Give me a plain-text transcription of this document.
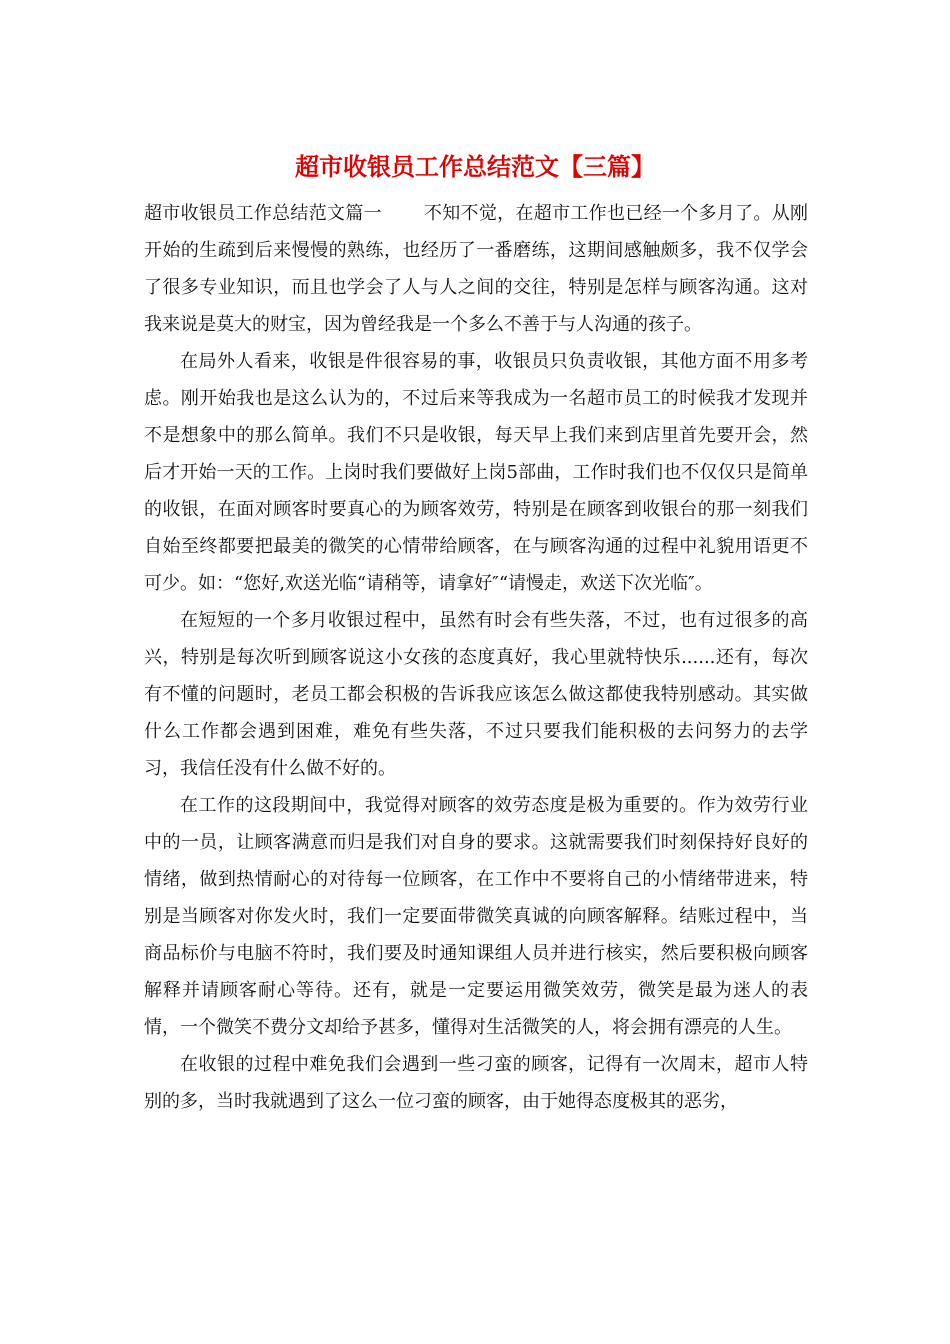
超市收银员工作总结范文【三篇】

超市收银员工作总结范文篇一 不知不觉，在超市工作也已经一个多月了。从刚开始的生疏到后来慢慢的熟练，也经历了一番磨练，这期间感触颇多，我不仅学会了很多专业知识，而且也学会了人与人之间的交往，特别是怎样与顾客沟通。这对我来说是莫大的财宝，因为曾经我是一个多么不善于与人沟通的孩子。

在局外人看来，收银是件很容易的事，收银员只负责收银，其他方面不用多考虑。刚开始我也是这么认为的，不过后来等我成为一名超市员工的时候我才发现并不是想象中的那么简单。我们不只是收银，每天早上我们来到店里首先要开会，然后才开始一天的工作。上岗时我们要做好上岗5部曲，工作时我们也不仅仅只是简单的收银，在面对顾客时要真心的为顾客效劳，特别是在顾客到收银台的那一刻我们自始至终都要把最美的微笑的心情带给顾客，在与顾客沟通的过程中礼貌用语更不可少。如：“您好,欢送光临“请稍等，请拿好″“请慢走，欢送下次光临″。

在短短的一个多月收银过程中，虽然有时会有些失落，不过，也有过很多的高兴，特别是每次听到顾客说这小女孩的态度真好，我心里就特快乐......还有，每次有不懂的问题时，老员工都会积极的告诉我应该怎么做这都使我特别感动。其实做什么工作都会遇到困难，难免有些失落，不过只要我们能积极的去问努力的去学习，我信任没有什么做不好的。

在工作的这段期间中，我觉得对顾客的效劳态度是极为重要的。作为效劳行业中的一员，让顾客满意而归是我们对自身的要求。这就需要我们时刻保持好良好的情绪，做到热情耐心的对待每一位顾客，在工作中不要将自己的小情绪带进来，特别是当顾客对你发火时，我们一定要面带微笑真诚的向顾客解释。结账过程中，当商品标价与电脑不符时，我们要及时通知课组人员并进行核实，然后要积极向顾客解释并请顾客耐心等待。还有，就是一定要运用微笑效劳，微笑是最为迷人的表情，一个微笑不费分文却给予甚多，懂得对生活微笑的人，将会拥有漂亮的人生。

在收银的过程中难免我们会遇到一些刁蛮的顾客，记得有一次周末，超市人特别的多，当时我就遇到了这么一位刁蛮的顾客，由于她得态度极其的恶劣，
